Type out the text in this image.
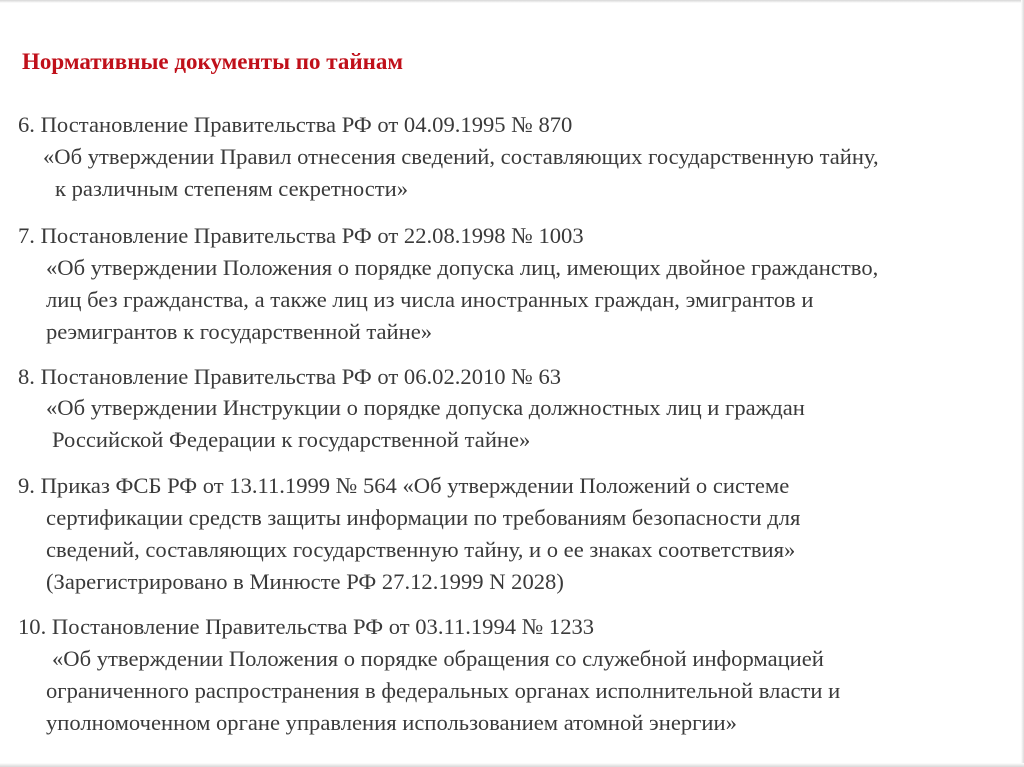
Нормативные документы по тайнам
6. Постановление Правительства РФ от 04.09.1995 № 870
«Об утверждении Правил отнесения сведений, составляющих государственную тайну,
к различным степеням секретности»
7. Постановление Правительства РФ от 22.08.1998 № 1003
«Об утверждении Положения о порядке допуска лиц, имеющих двойное гражданство,
лиц без гражданства, а также лиц из числа иностранных граждан, эмигрантов и
реэмигрантов к государственной тайне»
8. Постановление Правительства РФ от 06.02.2010 № 63
«Об утверждении Инструкции о порядке допуска должностных лиц и граждан
Российской Федерации к государственной тайне»
9. Приказ ФСБ РФ от 13.11.1999 № 564 «Об утверждении Положений о системе
сертификации средств защиты информации по требованиям безопасности для
сведений, составляющих государственную тайну, и о ее знаках соответствия»
(Зарегистрировано в Минюсте РФ 27.12.1999 N 2028)
10. Постановление Правительства РФ от 03.11.1994 № 1233
«Об утверждении Положения о порядке обращения со служебной информацией
ограниченного распространения в федеральных органах исполнительной власти и
уполномоченном органе управления использованием атомной энергии»
